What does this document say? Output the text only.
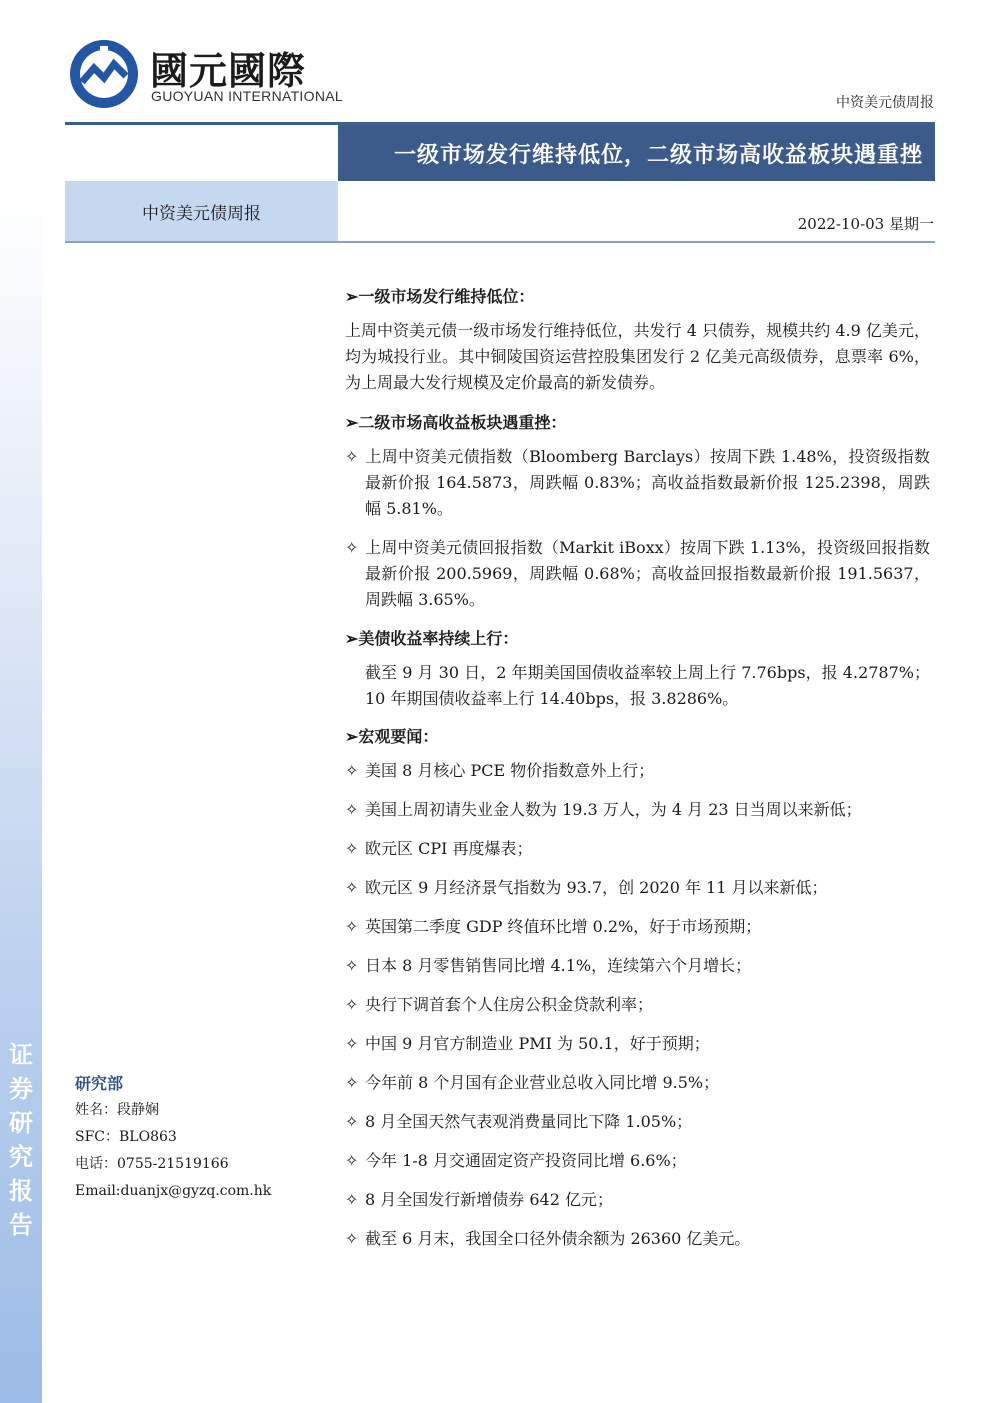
证
券
研
究
报
告
國元國際
GUOYUAN INTERNATIONAL	中资美元债周报
一级市场发行维持低位，二级市场高收益板块遇重挫
中资美元债周报
2022-10-03 星期一
➢一级市场发行维持低位：

上周中资美元债一级市场发行维持低位，共发行 4 只债券，规模共约 4.9 亿美元，均为城投行业。其中铜陵国资运营控股集团发行 2 亿美元高级债券，息票率 6%，为上周最大发行规模及定价最高的新发债券。

➢二级市场高收益板块遇重挫：
✧ 上周中资美元债指数（Bloomberg Barclays）按周下跌 1.48%，投资级指数最新价报 164.5873，周跌幅 0.83%；高收益指数最新价报 125.2398，周跌幅 5.81%。
✧ 上周中资美元债回报指数（Markit iBoxx）按周下跌 1.13%，投资级回报指数最新价报 200.5969，周跌幅 0.68%；高收益回报指数最新价报 191.5637，周跌幅 3.65%。
➢美债收益率持续上行：

截至 9 月 30 日，2 年期美国国债收益率较上周上行 7.76bps，报 4.2787%；10 年期国债收益率上行 14.40bps，报 3.8286%。

➢宏观要闻：
✧ 美国 8 月核心 PCE 物价指数意外上行；
✧ 美国上周初请失业金人数为 19.3 万人，为 4 月 23 日当周以来新低；
✧ 欧元区 CPI 再度爆表；
✧ 欧元区 9 月经济景气指数为 93.7，创 2020 年 11 月以来新低；
✧ 英国第二季度 GDP 终值环比增 0.2%，好于市场预期；
✧ 日本 8 月零售销售同比增 4.1%，连续第六个月增长；
✧ 央行下调首套个人住房公积金贷款利率；
✧ 中国 9 月官方制造业 PMI 为 50.1，好于预期；
✧ 今年前 8 个月国有企业营业总收入同比增 9.5%；
✧ 8 月全国天然气表观消费量同比下降 1.05%；
✧ 今年 1-8 月交通固定资产投资同比增 6.6%；
✧ 8 月全国发行新增债券 642 亿元；
✧ 截至 6 月末，我国全口径外债余额为 26360 亿美元。
研究部
姓名：段静娴
SFC：BLO863
电话：0755-21519166
Email:duanjx@gyzq.com.hk
